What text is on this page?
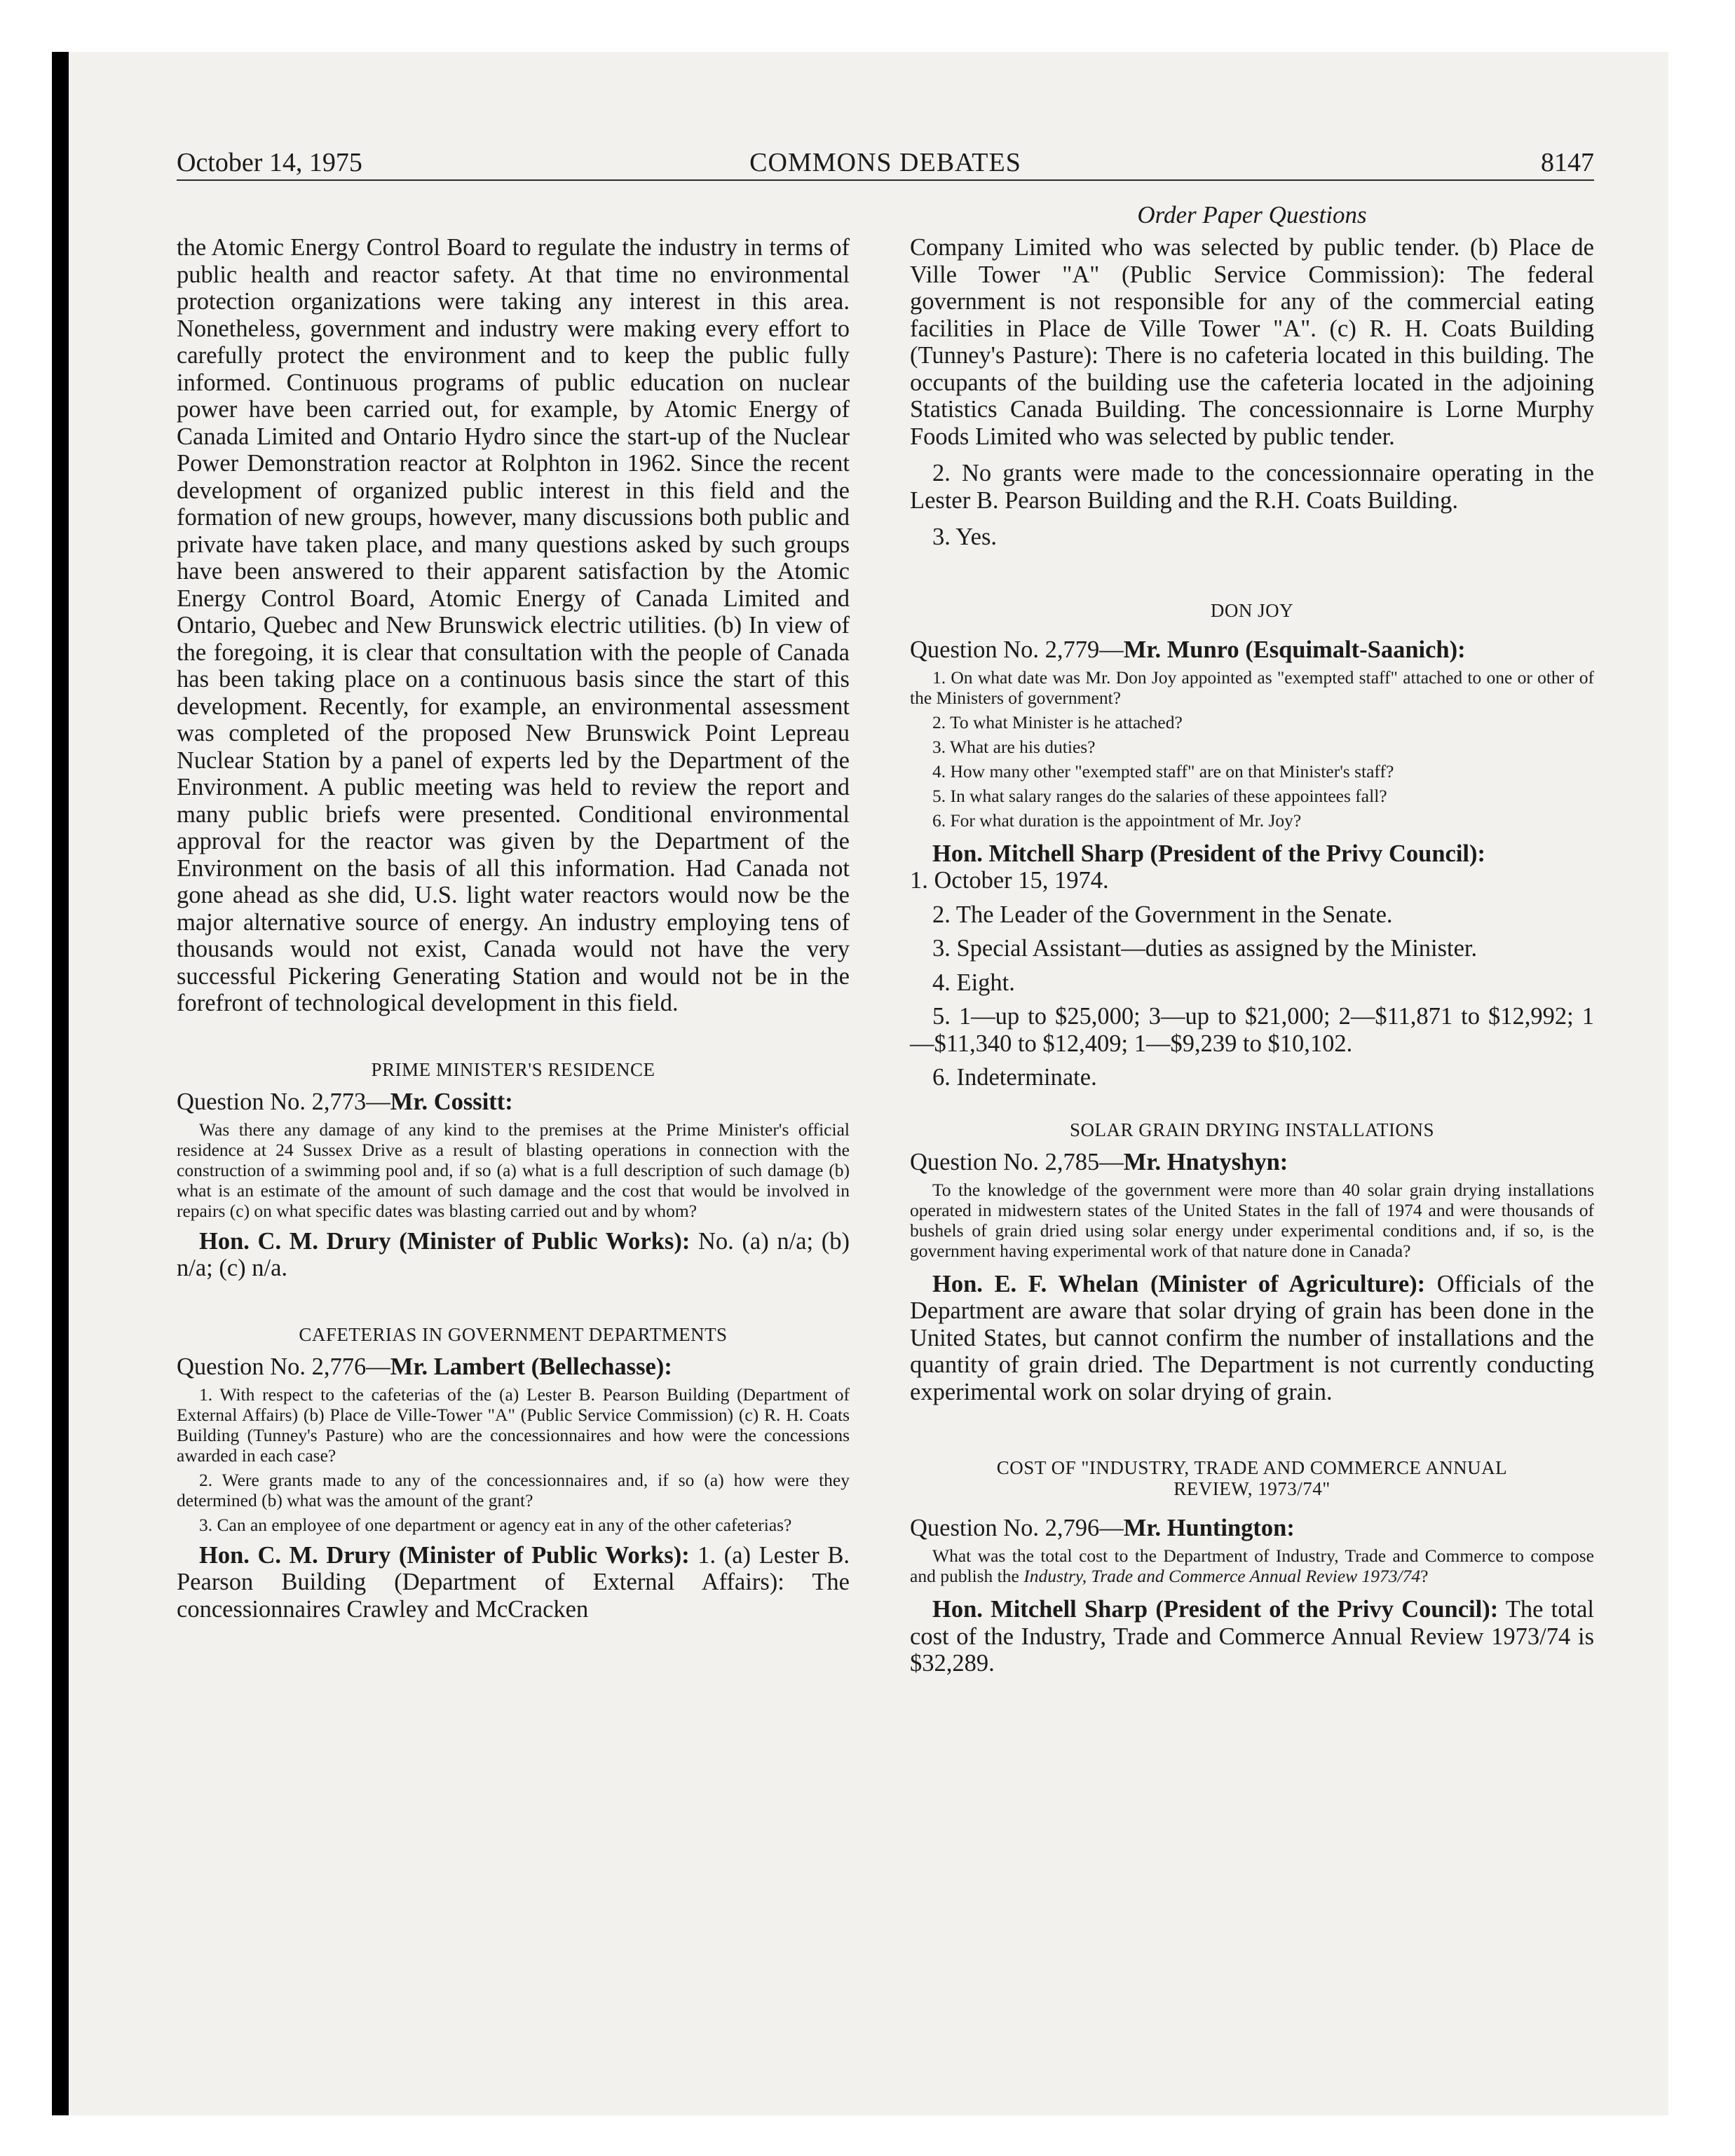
October 14, 1975	COMMONS DEBATES	8147

the Atomic Energy Control Board to regulate the industry in terms of public health and reactor safety. At that time no environmental protection organizations were taking any interest in this area. Nonetheless, government and industry were making every effort to carefully protect the environment and to keep the public fully informed. Continuous programs of public education on nuclear power have been carried out, for example, by Atomic Energy of Canada Limited and Ontario Hydro since the start-up of the Nuclear Power Demonstration reactor at Rolphton in 1962. Since the recent development of organized public interest in this field and the formation of new groups, however, many discussions both public and private have taken place, and many questions asked by such groups have been answered to their apparent satisfaction by the Atomic Energy Control Board, Atomic Energy of Canada Limited and Ontario, Quebec and New Brunswick electric utilities. (b) In view of the foregoing, it is clear that consultation with the people of Canada has been taking place on a continuous basis since the start of this development. Recently, for example, an environmental assessment was completed of the proposed New Brunswick Point Lepreau Nuclear Station by a panel of experts led by the Department of the Environment. A public meeting was held to review the report and many public briefs were presented. Conditional environmental approval for the reactor was given by the Department of the Environment on the basis of all this information. Had Canada not gone ahead as she did, U.S. light water reactors would now be the major alternative source of energy. An industry employing tens of thousands would not exist, Canada would not have the very successful Pickering Generating Station and would not be in the forefront of technological development in this field.

PRIME MINISTER'S RESIDENCE

Question No. 2,773—Mr. Cossitt:

Was there any damage of any kind to the premises at the Prime Minister's official residence at 24 Sussex Drive as a result of blasting operations in connection with the construction of a swimming pool and, if so (a) what is a full description of such damage (b) what is an estimate of the amount of such damage and the cost that would be involved in repairs (c) on what specific dates was blasting carried out and by whom?

Hon. C. M. Drury (Minister of Public Works): No. (a) n/a; (b) n/a; (c) n/a.

CAFETERIAS IN GOVERNMENT DEPARTMENTS

Question No. 2,776—Mr. Lambert (Bellechasse):

1. With respect to the cafeterias of the (a) Lester B. Pearson Building (Department of External Affairs) (b) Place de Ville-Tower "A" (Public Service Commission) (c) R. H. Coats Building (Tunney's Pasture) who are the concessionnaires and how were the concessions awarded in each case?

2. Were grants made to any of the concessionnaires and, if so (a) how were they determined (b) what was the amount of the grant?

3. Can an employee of one department or agency eat in any of the other cafeterias?

Hon. C. M. Drury (Minister of Public Works): 1. (a) Lester B. Pearson Building (Department of External Affairs): The concessionnaires Crawley and McCracken

Order Paper Questions

Company Limited who was selected by public tender. (b) Place de Ville Tower "A" (Public Service Commission): The federal government is not responsible for any of the commercial eating facilities in Place de Ville Tower "A". (c) R. H. Coats Building (Tunney's Pasture): There is no cafeteria located in this building. The occupants of the building use the cafeteria located in the adjoining Statistics Canada Building. The concessionnaire is Lorne Murphy Foods Limited who was selected by public tender.

2. No grants were made to the concessionnaire operating in the Lester B. Pearson Building and the R.H. Coats Building.

3. Yes.

DON JOY

Question No. 2,779—Mr. Munro (Esquimalt-Saanich):

1. On what date was Mr. Don Joy appointed as "exempted staff" attached to one or other of the Ministers of government?

2. To what Minister is he attached?

3. What are his duties?

4. How many other "exempted staff" are on that Minister's staff?

5. In what salary ranges do the salaries of these appointees fall?

6. For what duration is the appointment of Mr. Joy?

Hon. Mitchell Sharp (President of the Privy Council):

1. October 15, 1974.

2. The Leader of the Government in the Senate.

3. Special Assistant—duties as assigned by the Minister.

4. Eight.

5. 1—up to $25,000; 3—up to $21,000; 2—$11,871 to $12,992; 1—$11,340 to $12,409; 1—$9,239 to $10,102.

6. Indeterminate.

SOLAR GRAIN DRYING INSTALLATIONS

Question No. 2,785—Mr. Hnatyshyn:

To the knowledge of the government were more than 40 solar grain drying installations operated in midwestern states of the United States in the fall of 1974 and were thousands of bushels of grain dried using solar energy under experimental conditions and, if so, is the government having experimental work of that nature done in Canada?

Hon. E. F. Whelan (Minister of Agriculture): Officials of the Department are aware that solar drying of grain has been done in the United States, but cannot confirm the number of installations and the quantity of grain dried. The Department is not currently conducting experimental work on solar drying of grain.

COST OF "INDUSTRY, TRADE AND COMMERCE ANNUAL

REVIEW, 1973/74"

Question No. 2,796—Mr. Huntington:

What was the total cost to the Department of Industry, Trade and Commerce to compose and publish the Industry, Trade and Commerce Annual Review 1973/74?

Hon. Mitchell Sharp (President of the Privy Council): The total cost of the Industry, Trade and Commerce Annual Review 1973/74 is $32,289.
